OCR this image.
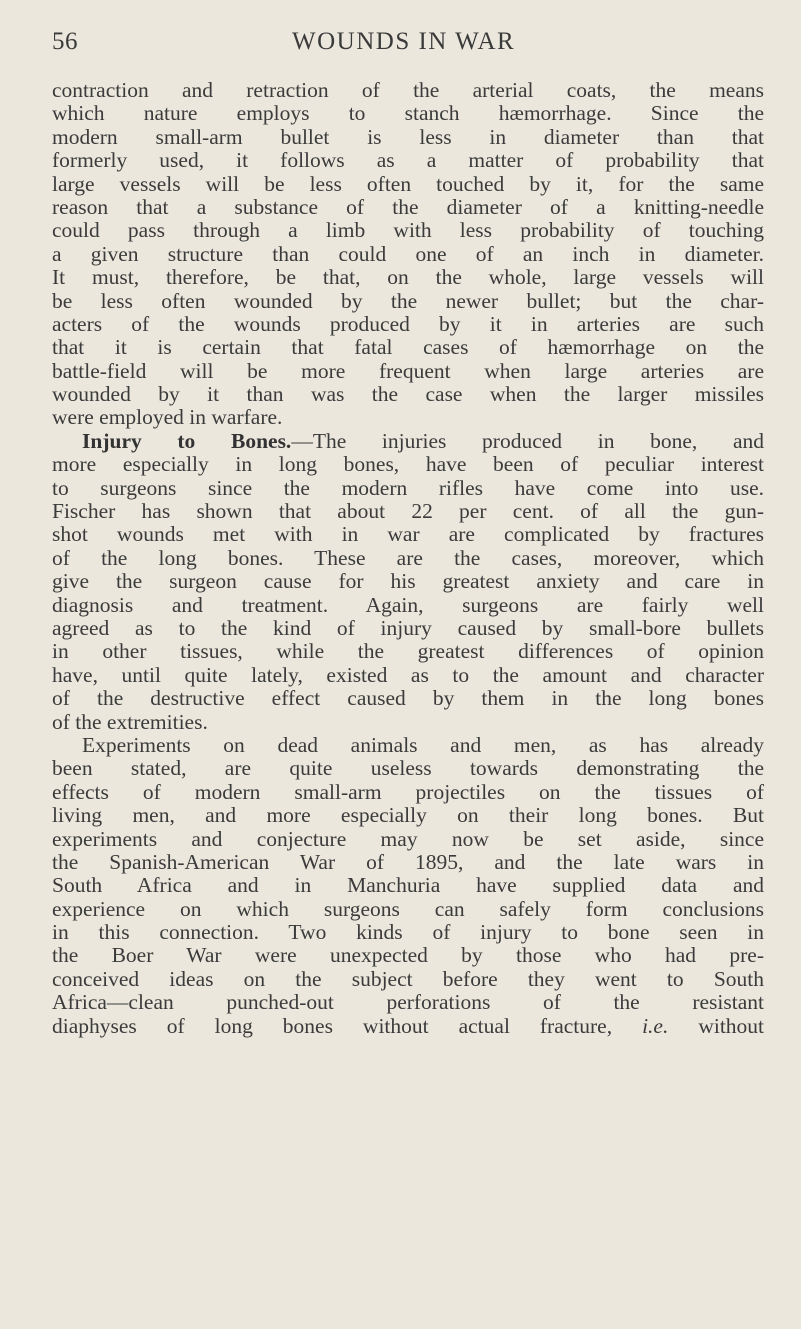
56	WOUNDS IN WAR
contraction and retraction of the arterial coats, the means
which nature employs to stanch hæmorrhage. Since the
modern small-arm bullet is less in diameter than that
formerly used, it follows as a matter of probability that
large vessels will be less often touched by it, for the same
reason that a substance of the diameter of a knitting-needle
could pass through a limb with less probability of touching
a given structure than could one of an inch in diameter.
It must, therefore, be that, on the whole, large vessels will
be less often wounded by the newer bullet; but the char-
acters of the wounds produced by it in arteries are such
that it is certain that fatal cases of hæmorrhage on the
battle-field will be more frequent when large arteries are
wounded by it than was the case when the larger missiles
were employed in warfare.
Injury to Bones.—The injuries produced in bone, and
more especially in long bones, have been of peculiar interest
to surgeons since the modern rifles have come into use.
Fischer has shown that about 22 per cent. of all the gun-
shot wounds met with in war are complicated by fractures
of the long bones. These are the cases, moreover, which
give the surgeon cause for his greatest anxiety and care in
diagnosis and treatment. Again, surgeons are fairly well
agreed as to the kind of injury caused by small-bore bullets
in other tissues, while the greatest differences of opinion
have, until quite lately, existed as to the amount and character
of the destructive effect caused by them in the long bones
of the extremities.
Experiments on dead animals and men, as has already
been stated, are quite useless towards demonstrating the
effects of modern small-arm projectiles on the tissues of
living men, and more especially on their long bones. But
experiments and conjecture may now be set aside, since
the Spanish-American War of 1895, and the late wars in
South Africa and in Manchuria have supplied data and
experience on which surgeons can safely form conclusions
in this connection. Two kinds of injury to bone seen in
the Boer War were unexpected by those who had pre-
conceived ideas on the subject before they went to South
Africa—clean punched-out perforations of the resistant
diaphyses of long bones without actual fracture, i.e. without
